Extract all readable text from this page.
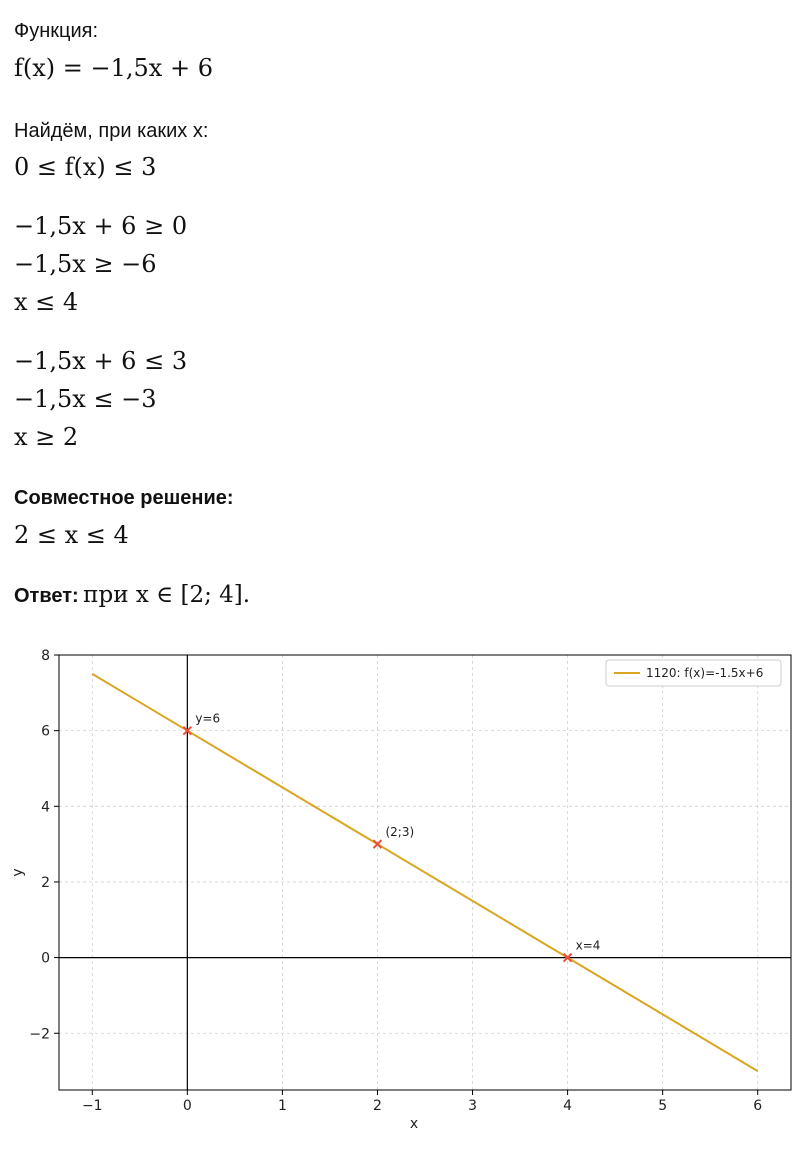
Функция:
f(x) = −1,5x + 6
Найдём, при каких x:
0 ≤ f(x) ≤ 3
−1,5x + 6 ≥ 0
−1,5x ≥ −6
x ≤ 4
−1,5x + 6 ≤ 3
−1,5x ≤ −3
x ≥ 2
Совместное решение:
2 ≤ x ≤ 4
Ответ: при x ∈ [2; 4].
−1	0	1	2	3	4	5	6
−2
0
2
4
6
8
x
y
y=6
(2;3)
x=4
1120: f(x)=-1.5x+6
